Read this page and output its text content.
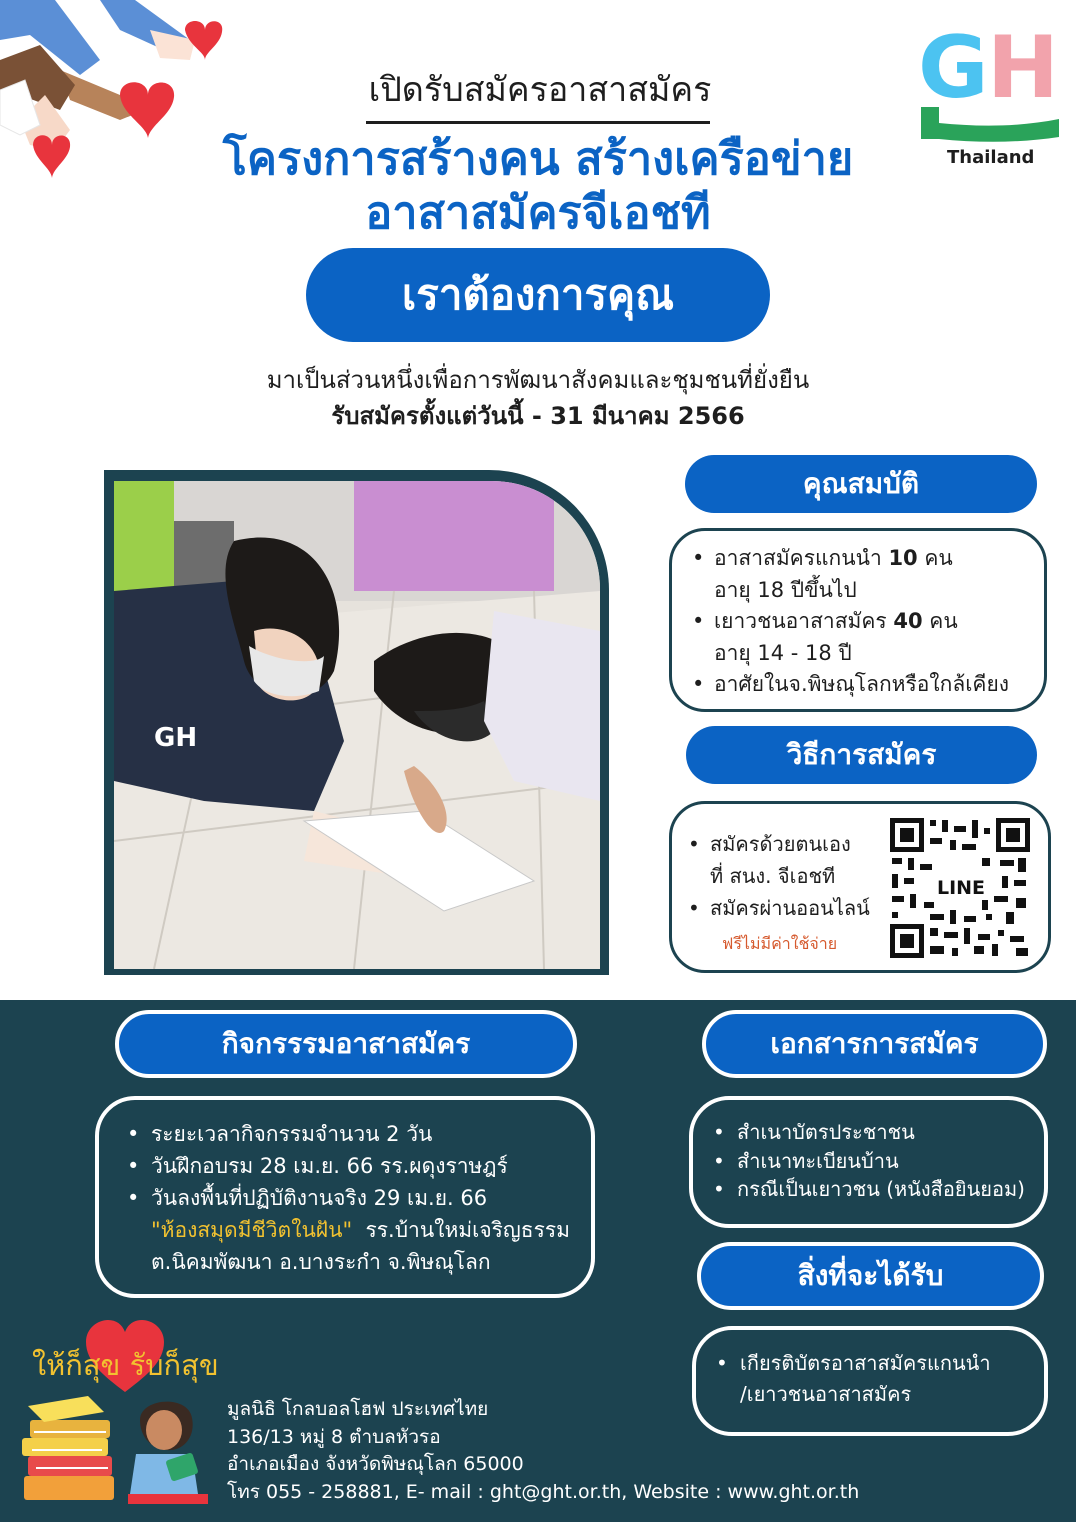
G H
Thailand
เปิดรับสมัครอาสาสมัคร
โครงการสร้างคน สร้างเครือข่าย
อาสาสมัครจีเอชที
เราต้องการคุณ
มาเป็นส่วนหนึ่งเพื่อการพัฒนาสังคมและชุมชนที่ยั่งยืน
รับสมัครตั้งแต่วันนี้ - 31 มีนาคม 2566
GH
คุณสมบัติ
• อาสาสมัครแกนนำ 10 คน
อายุ 18 ปีขึ้นไป
• เยาวชนอาสาสมัคร 40 คน
อายุ 14 - 18 ปี
• อาศัยในจ.พิษณุโลกหรือใกล้เคียง
วิธีการสมัคร
• สมัครด้วยตนเอง
ที่ สนง. จีเอชที
• สมัครผ่านออนไลน์
ฟรีไม่มีค่าใช้จ่าย
LINE
กิจกรรรมอาสาสมัคร	เอกสารการสมัคร
• ระยะเวลากิจกรรมจำนวน 2 วัน
• วันฝึกอบรม 28 เม.ย. 66 รร.ผดุงราษฎร์
• วันลงพื้นที่ปฏิบัติงานจริง 29 เม.ย. 66
"ห้องสมุดมีชีวิตในฝัน" รร.บ้านใหม่เจริญธรรม
ต.นิคมพัฒนา อ.บางระกำ จ.พิษณุโลก
• สำเนาบัตรประชาชน
• สำเนาทะเบียนบ้าน
• กรณีเป็นเยาวชน (หนังสือยินยอม)
สิ่งที่จะได้รับ
• เกียรติบัตรอาสาสมัครแกนนำ
/เยาวชนอาสาสมัคร
ให้ก็สุข รับก็สุข
มูลนิธิ โกลบอลโฮฟ ประเทศไทย
136/13 หมู่ 8 ตำบลหัวรอ
อำเภอเมือง จังหวัดพิษณุโลก 65000
โทร 055 - 258881, E- mail : ght@ght.or.th, Website : www.ght.or.th
